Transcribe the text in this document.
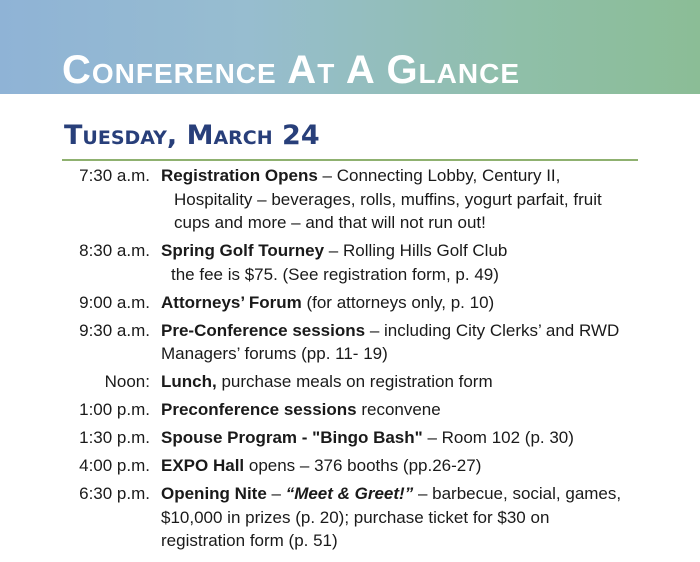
Conference At A Glance
Tuesday, March 24
7:30 a.m. Registration Opens – Connecting Lobby, Century II,
Hospitality – beverages, rolls, muffins, yogurt parfait, fruit
cups and more – and that will not run out!
8:30 a.m. Spring Golf Tourney – Rolling Hills Golf Club
the fee is $75. (See registration form, p. 49)
9:00 a.m. Attorneys’ Forum (for attorneys only, p. 10)
9:30 a.m. Pre-Conference sessions – including City Clerks’ and RWD
Managers’ forums (pp. 11- 19)
Noon: Lunch, purchase meals on registration form
1:00 p.m. Preconference sessions reconvene
1:30 p.m. Spouse Program - "Bingo Bash" – Room 102 (p. 30)
4:00 p.m. EXPO Hall opens – 376 booths (pp.26-27)
6:30 p.m. Opening Nite – “Meet & Greet!” – barbecue, social, games,
$10,000 in prizes (p. 20); purchase ticket for $30 on
registration form (p. 51)
